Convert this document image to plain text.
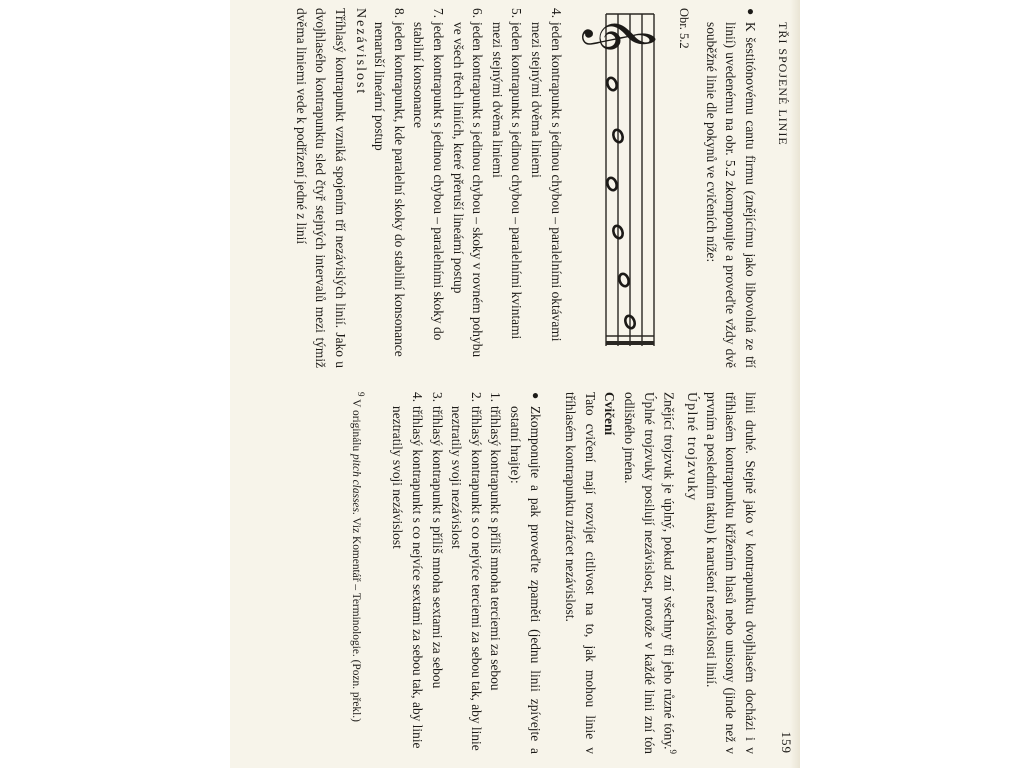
TŘI SPOJENÉ LINIE
159

●
K šestitónovému cantu firmu (znějícímu jako libovolná ze tří linií) uvedenému na obr. 5.2 zkomponujte a proveďte vždy dvě souběžné linie dle pokynů ve cvičeních níže:

Obr. 5.2

𝄞
4.
jeden kontrapunkt s jedinou chybou – paralelními oktávami mezi stejnými dvěma liniemi
5.
jeden kontrapunkt s jedinou chybou – paralelními kvintami mezi stejnými dvěma liniemi
6.
jeden kontrapunkt s jedinou chybou – skoky v rovném pohybu ve všech třech liniích, které přeruší lineární postup
7.
jeden kontrapunkt s jedinou chybou – paralelními skoky do stabilní konsonance
8.
jeden kontrapunkt, kde paralelní skoky do stabilní konsonance nenaruší lineární postup

Nezávislost

Tříhlasý kontrapunkt vzniká spojením tří nezávislých linií. Jako u dvojhlasého kontrapunktu sled čtyř stejných intervalů mezi týmiž dvěma liniemi vede k podřízení jedné z linií

linii druhé. Stejně jako v kontrapunktu dvojhlasém docházi i v tříhlasém kontrapunktu křížením hlasů nebo unisony (jinde než v prvním a posledním taktu) k narušení nezávislosti linií.

Úplné trojzvuky

Znějící trojzvuk je úplný, pokud zní všechny tři jeho různé tóny.$^9$ Úplné trojzvuky posilují nezávislost, protože v každé linii zní tón odlišného jména.

Cvičení

Tato cvičení mají rozvíjet citlivost na to, jak mohou linie v tříhlasém kontrapunktu ztrácet nezávislost.

●
Zkomponujte a pak proveďte zpaměti (jednu linii zpívejte a ostatní hrajte):

1.
tříhlasý kontrapunkt s příliš mnoha terciemi za sebou
2.
tříhlasý kontrapunkt s co nejvíce terciemi za sebou tak, aby linie neztratily svoji nezávislost
3.
tříhlasý kontrapunkt s příliš mnoha sextami za sebou
4.
tříhlasý kontrapunkt s co nejvíce sextami za sebou tak, aby linie neztratily svoji nezávislost

$^9$ V originálu pitch classes. Viz Komentář – Terminologie. (Pozn. překl.)
